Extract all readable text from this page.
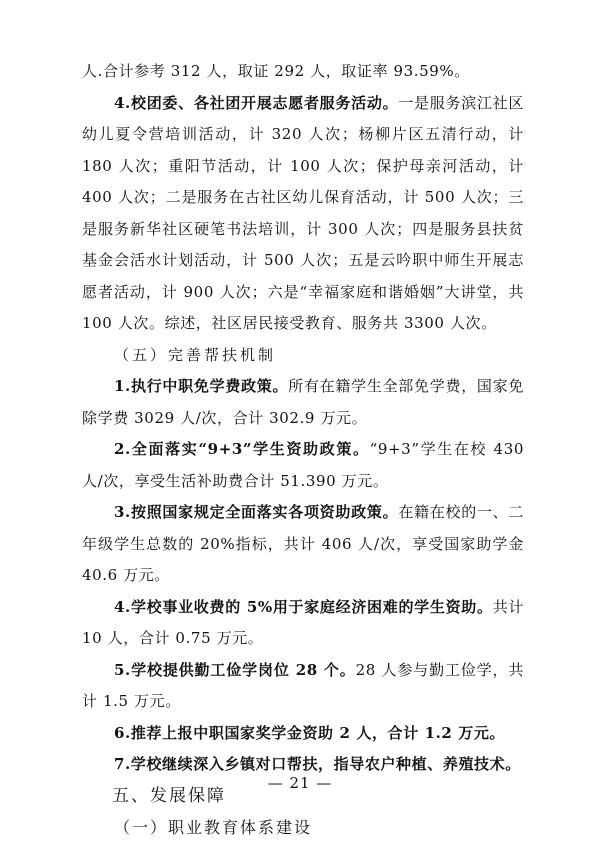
人.合计参考 312 人，取证 292 人，取证率 93.59%。

4.校团委、各社团开展志愿者服务活动。一是服务滨江社区幼儿夏令营培训活动，计 320 人次；杨柳片区五清行动，计 180 人次；重阳节活动，计 100 人次；保护母亲河活动，计 400 人次；二是服务在古社区幼儿保育活动，计 500 人次；三是服务新华社区硬笔书法培训，计 300 人次；四是服务县扶贫基金会活水计划活动，计 500 人次；五是云吟职中师生开展志愿者活动，计 900 人次；六是“幸福家庭和谐婚姻”大讲堂，共 100 人次。综述，社区居民接受教育、服务共 3300 人次。

（五）完善帮扶机制

1.执行中职免学费政策。所有在籍学生全部免学费，国家免除学费 3029 人/次，合计 302.9 万元。

2.全面落实“9+3”学生资助政策。“9+3”学生在校 430 人/次，享受生活补助费合计 51.390 万元。

3.按照国家规定全面落实各项资助政策。在籍在校的一、二年级学生总数的 20%指标，共计 406 人/次，享受国家助学金 40.6 万元。

4.学校事业收费的 5%用于家庭经济困难的学生资助。共计 10 人，合计 0.75 万元。

5.学校提供勤工俭学岗位 28 个。28 人参与勤工俭学，共计 1.5 万元。

6.推荐上报中职国家奖学金资助 2 人，合计 1.2 万元。

7.学校继续深入乡镇对口帮扶，指导农户种植、养殖技术。

五、发展保障
（一）职业教育体系建设
— 21 —
